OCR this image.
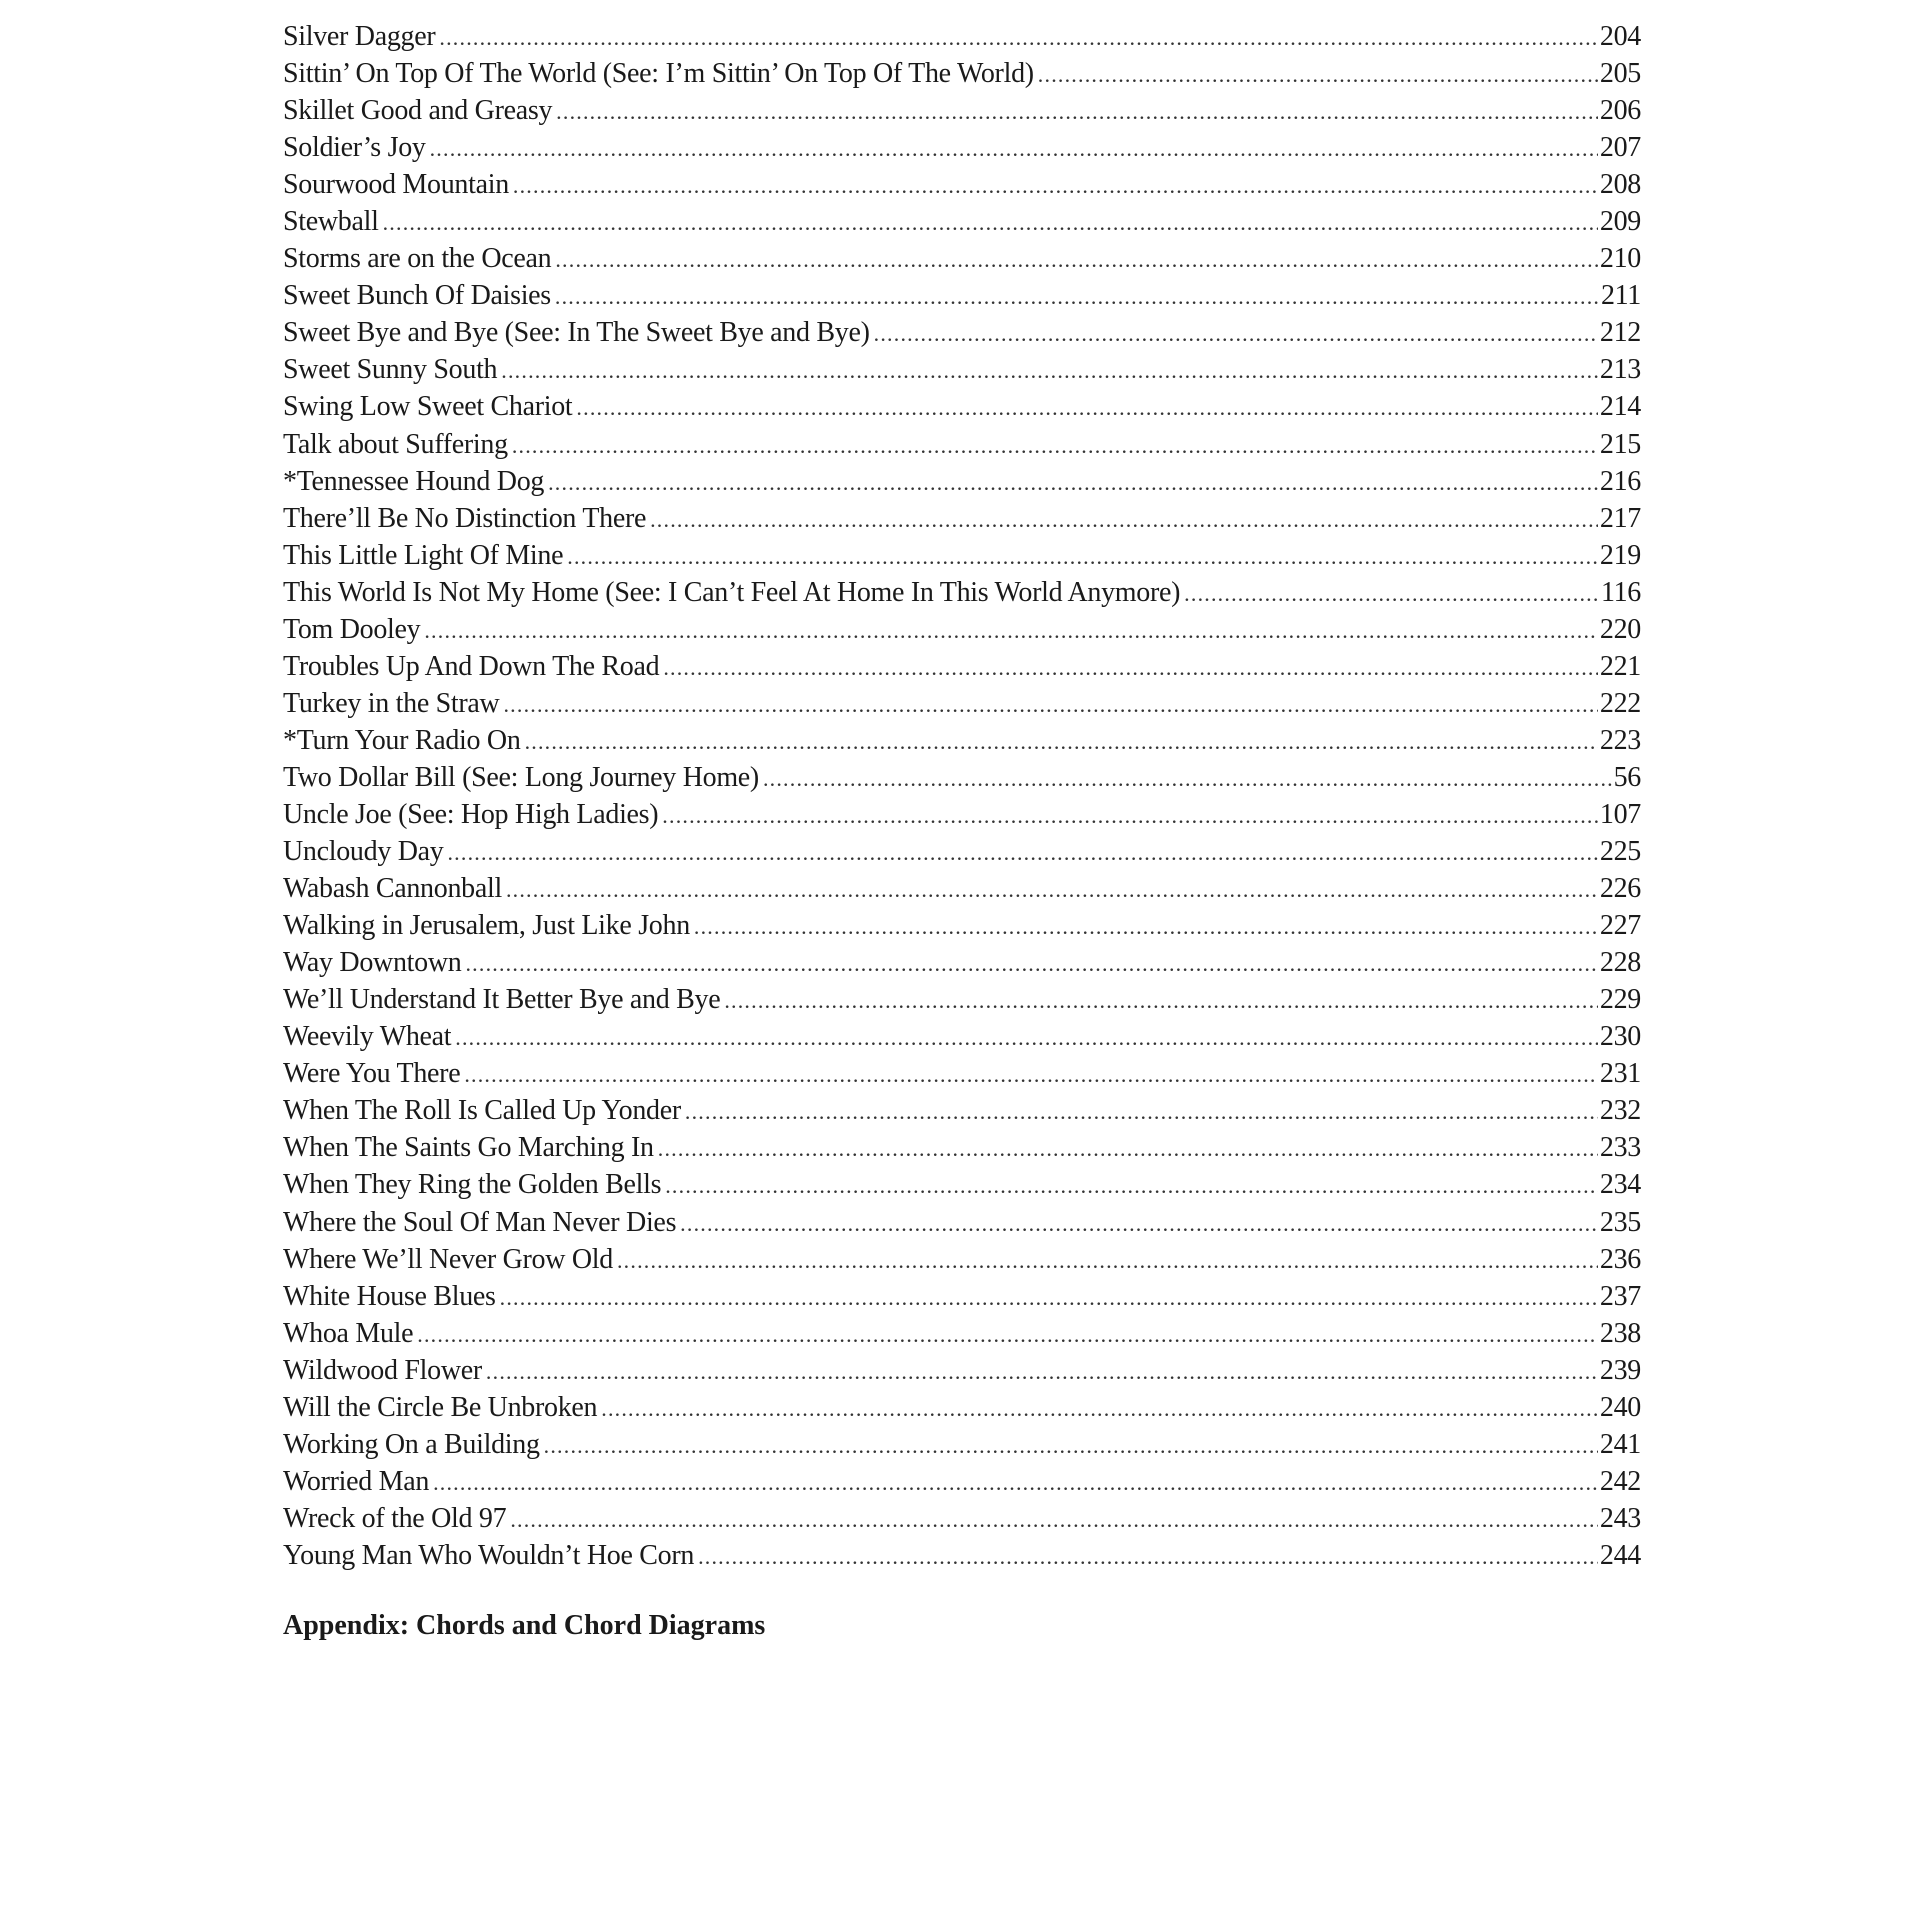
Silver Dagger .....	204
Sittin’ On Top Of The World (See: I’m Sittin’ On Top Of The World) .....	205
Skillet Good and Greasy .....	206
Soldier’s Joy .....	207
Sourwood Mountain .....	208
Stewball .....	209
Storms are on the Ocean .....	210
Sweet Bunch Of Daisies .....	211
Sweet Bye and Bye (See: In The Sweet Bye and Bye) .....	212
Sweet Sunny South .....	213
Swing Low Sweet Chariot .....	214
Talk about Suffering .....	215
*Tennessee Hound Dog .....	216
There’ll Be No Distinction There .....	217
This Little Light Of Mine .....	219
This World Is Not My Home (See: I Can’t Feel At Home In This World Anymore) .....	116
Tom Dooley .....	220
Troubles Up And Down The Road .....	221
Turkey in the Straw .....	222
*Turn Your Radio On .....	223
Two Dollar Bill (See: Long Journey Home) .....	56
Uncle Joe (See: Hop High Ladies) .....	107
Uncloudy Day .....	225
Wabash Cannonball .....	226
Walking in Jerusalem, Just Like John .....	227
Way Downtown .....	228
We’ll Understand It Better Bye and Bye .....	229
Weevily Wheat .....	230
Were You There .....	231
When The Roll Is Called Up Yonder .....	232
When The Saints Go Marching In .....	233
When They Ring the Golden Bells .....	234
Where the Soul Of Man Never Dies .....	235
Where We’ll Never Grow Old .....	236
White House Blues .....	237
Whoa Mule .....	238
Wildwood Flower .....	239
Will the Circle Be Unbroken .....	240
Working On a Building .....	241
Worried Man .....	242
Wreck of the Old 97 .....	243
Young Man Who Wouldn’t Hoe Corn .....	244
Appendix: Chords and Chord Diagrams
